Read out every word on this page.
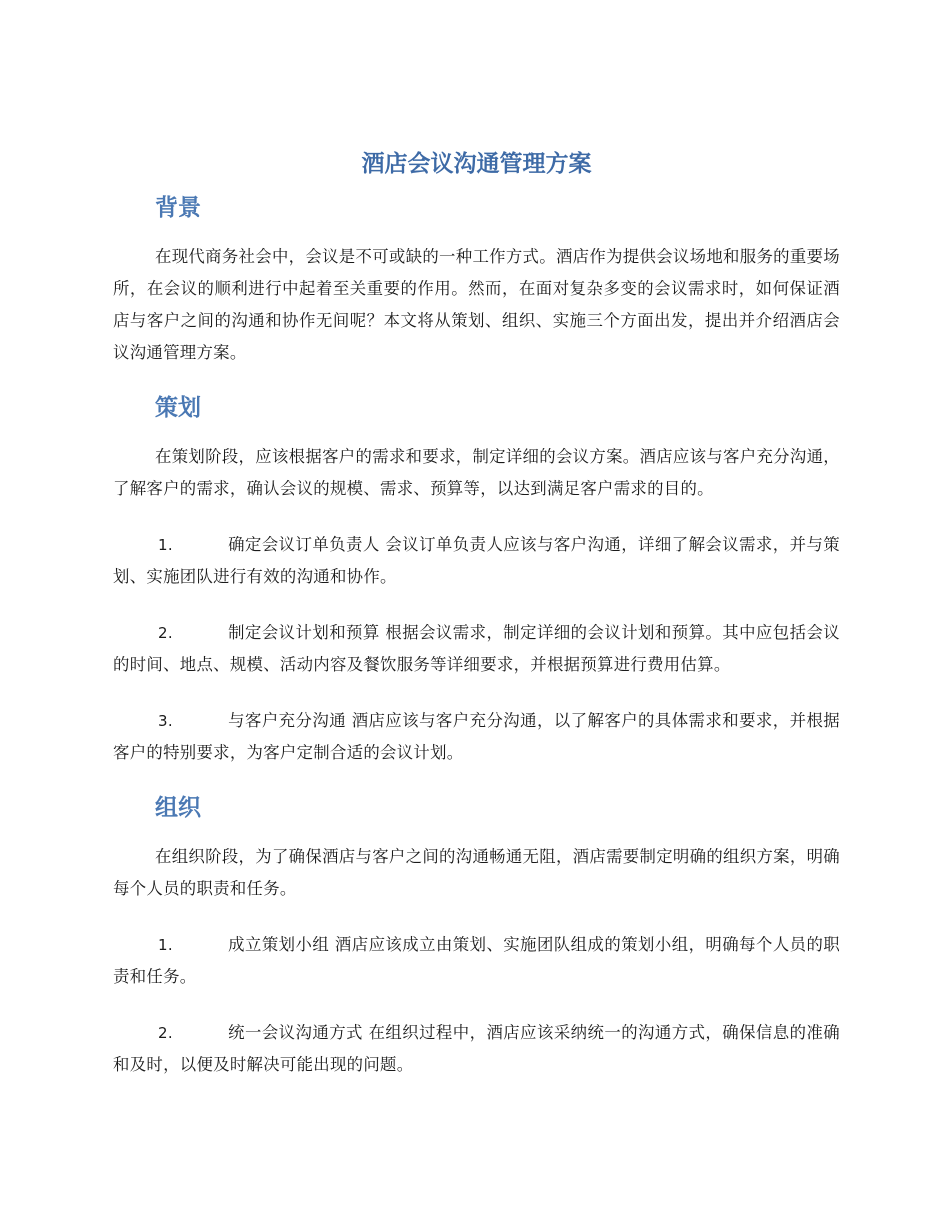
酒店会议沟通管理方案
背景

在现代商务社会中，会议是不可或缺的一种工作方式。酒店作为提供会议场地和服务的重要场所，在会议的顺利进行中起着至关重要的作用。然而，在面对复杂多变的会议需求时，如何保证酒店与客户之间的沟通和协作无间呢？本文将从策划、组织、实施三个方面出发，提出并介绍酒店会议沟通管理方案。

策划

在策划阶段，应该根据客户的需求和要求，制定详细的会议方案。酒店应该与客户充分沟通，了解客户的需求，确认会议的规模、需求、预算等，以达到满足客户需求的目的。

1.	确定会议订单负责人 会议订单负责人应该与客户沟通，详细了解会议需求，并与策划、实施团队进行有效的沟通和协作。

2.	制定会议计划和预算 根据会议需求，制定详细的会议计划和预算。其中应包括会议的时间、地点、规模、活动内容及餐饮服务等详细要求，并根据预算进行费用估算。

3.	与客户充分沟通 酒店应该与客户充分沟通，以了解客户的具体需求和要求，并根据客户的特别要求，为客户定制合适的会议计划。

组织

在组织阶段，为了确保酒店与客户之间的沟通畅通无阻，酒店需要制定明确的组织方案，明确每个人员的职责和任务。

1.	成立策划小组 酒店应该成立由策划、实施团队组成的策划小组，明确每个人员的职责和任务。

2.	统一会议沟通方式 在组织过程中，酒店应该采纳统一的沟通方式，确保信息的准确和及时，以便及时解决可能出现的问题。
